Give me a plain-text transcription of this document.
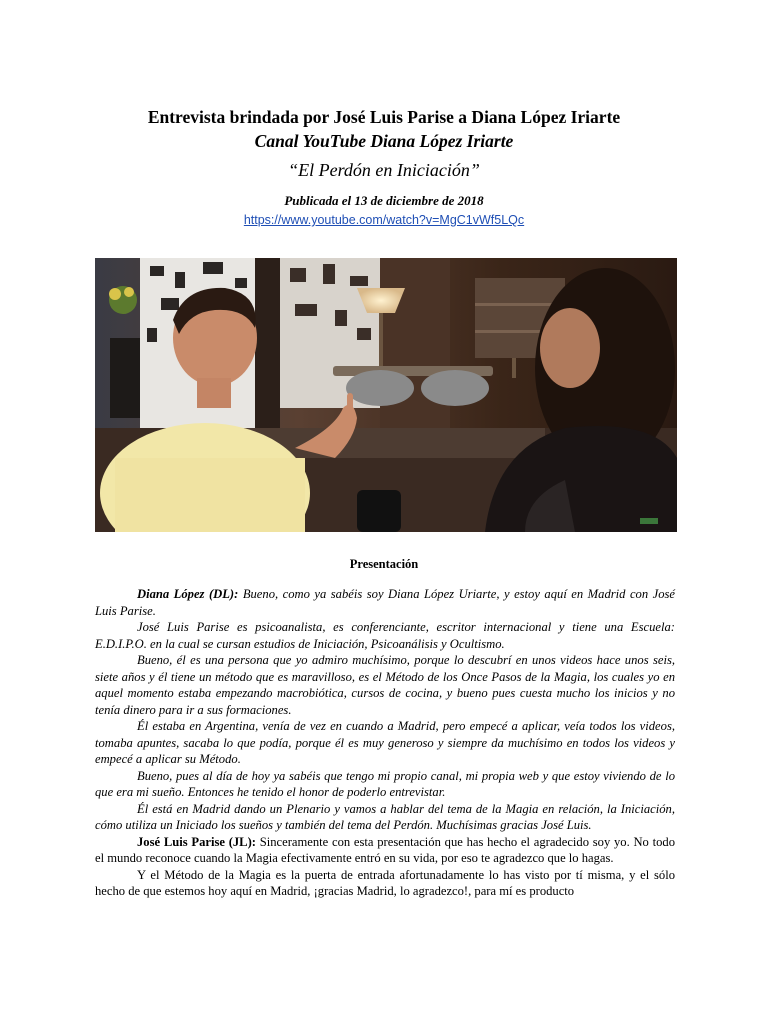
Entrevista brindada por José Luis Parise a Diana López Iriarte
Canal YouTube Diana López Iriarte
“El Perdón en Iniciación”
Publicada el 13 de diciembre de 2018
https://www.youtube.com/watch?v=MgC1vWf5LQc
Presentación

Diana López (DL): Bueno, como ya sabéis soy Diana López Uriarte, y estoy aquí en Madrid con José Luis Parise.

José Luis Parise es psicoanalista, es conferenciante, escritor internacional y tiene una Escuela: E.D.I.P.O. en la cual se cursan estudios de Iniciación, Psicoanálisis y Ocultismo.

Bueno, él es una persona que yo admiro muchísimo, porque lo descubrí en unos videos hace unos seis, siete años y él tiene un método que es maravilloso, es el Método de los Once Pasos de la Magia, los cuales yo en aquel momento estaba empezando macrobiótica, cursos de cocina, y bueno pues cuesta mucho los inicios y no tenía dinero para ir a sus formaciones.

Él estaba en Argentina, venía de vez en cuando a Madrid, pero empecé a aplicar, veía todos los videos, tomaba apuntes, sacaba lo que podía, porque él es muy generoso y siempre da muchísimo en todos los videos y empecé a aplicar su Método.

Bueno, pues al día de hoy ya sabéis que tengo mi propio canal, mi propia web y que estoy viviendo de lo que era mi sueño. Entonces he tenido el honor de poderlo entrevistar.

Él está en Madrid dando un Plenario y vamos a hablar del tema de la Magia en relación, la Iniciación, cómo utiliza un Iniciado los sueños y también del tema del Perdón. Muchísimas gracias José Luis.

José Luis Parise (JL): Sinceramente con esta presentación que has hecho el agradecido soy yo. No todo el mundo reconoce cuando la Magia efectivamente entró en su vida, por eso te agradezco que lo hagas.

Y el Método de la Magia es la puerta de entrada afortunadamente lo has visto por tí misma, y el sólo hecho de que estemos hoy aquí en Madrid, ¡gracias Madrid, lo agradezco!, para mí es producto
